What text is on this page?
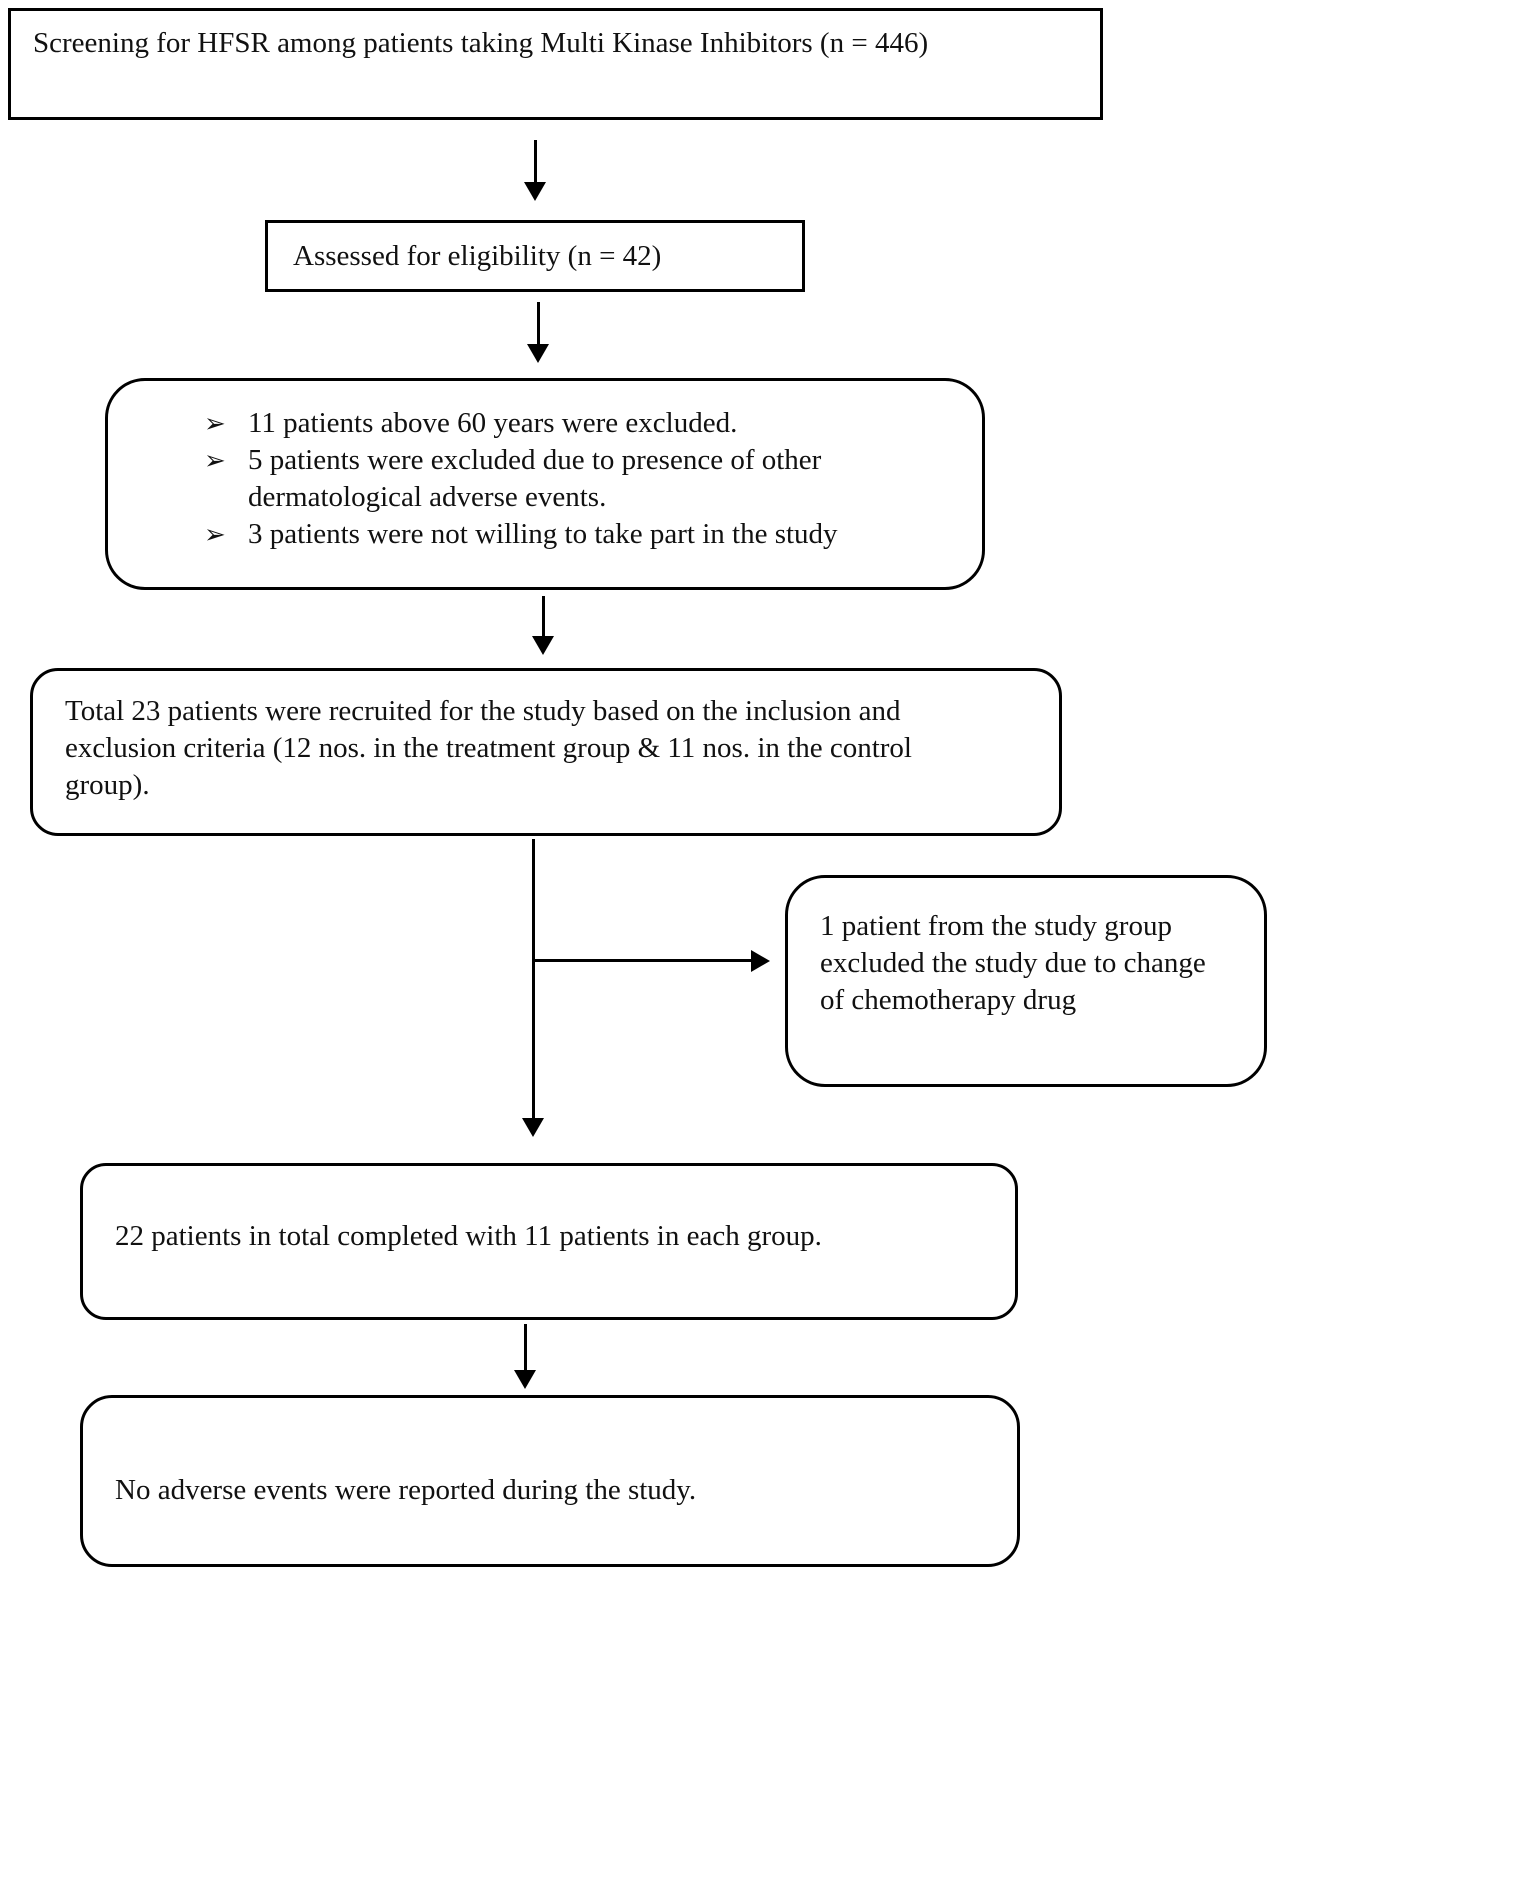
Screening for HFSR among patients taking Multi Kinase Inhibitors (n = 446)
Assessed for eligibility (n = 42)
➢ 11 patients above 60 years were excluded.
➢ 5 patients were excluded due to presence of other dermatological adverse events.
➢ 3 patients were not willing to take part in the study
Total 23 patients were recruited for the study based on the inclusion and exclusion criteria (12 nos. in the treatment group & 11 nos. in the control group).
1 patient from the study group excluded the study due to change of chemotherapy drug
22 patients in total completed with 11 patients in each group.
No adverse events were reported during the study.
